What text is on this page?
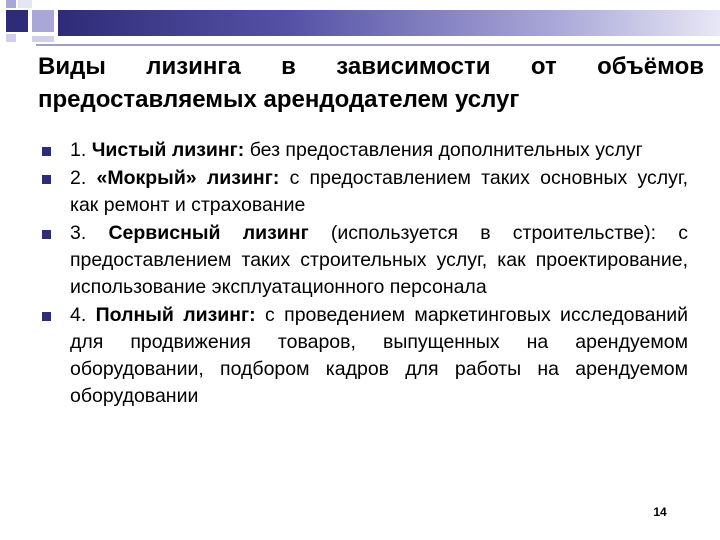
Виды лизинга в зависимости от объёмов предоставляемых арендодателем услуг
1. Чистый лизинг: без предоставления дополнительных услуг
2. «Мокрый» лизинг: с предоставлением таких основных услуг, как ремонт и страхование
3. Сервисный лизинг (используется в строительстве): с предоставлением таких строительных услуг, как проектирование, использование эксплуатационного персонала
4. Полный лизинг: с проведением маркетинговых исследований для продвижения товаров, выпущенных на арендуемом оборудовании, подбором кадров для работы на арендуемом оборудовании
14
